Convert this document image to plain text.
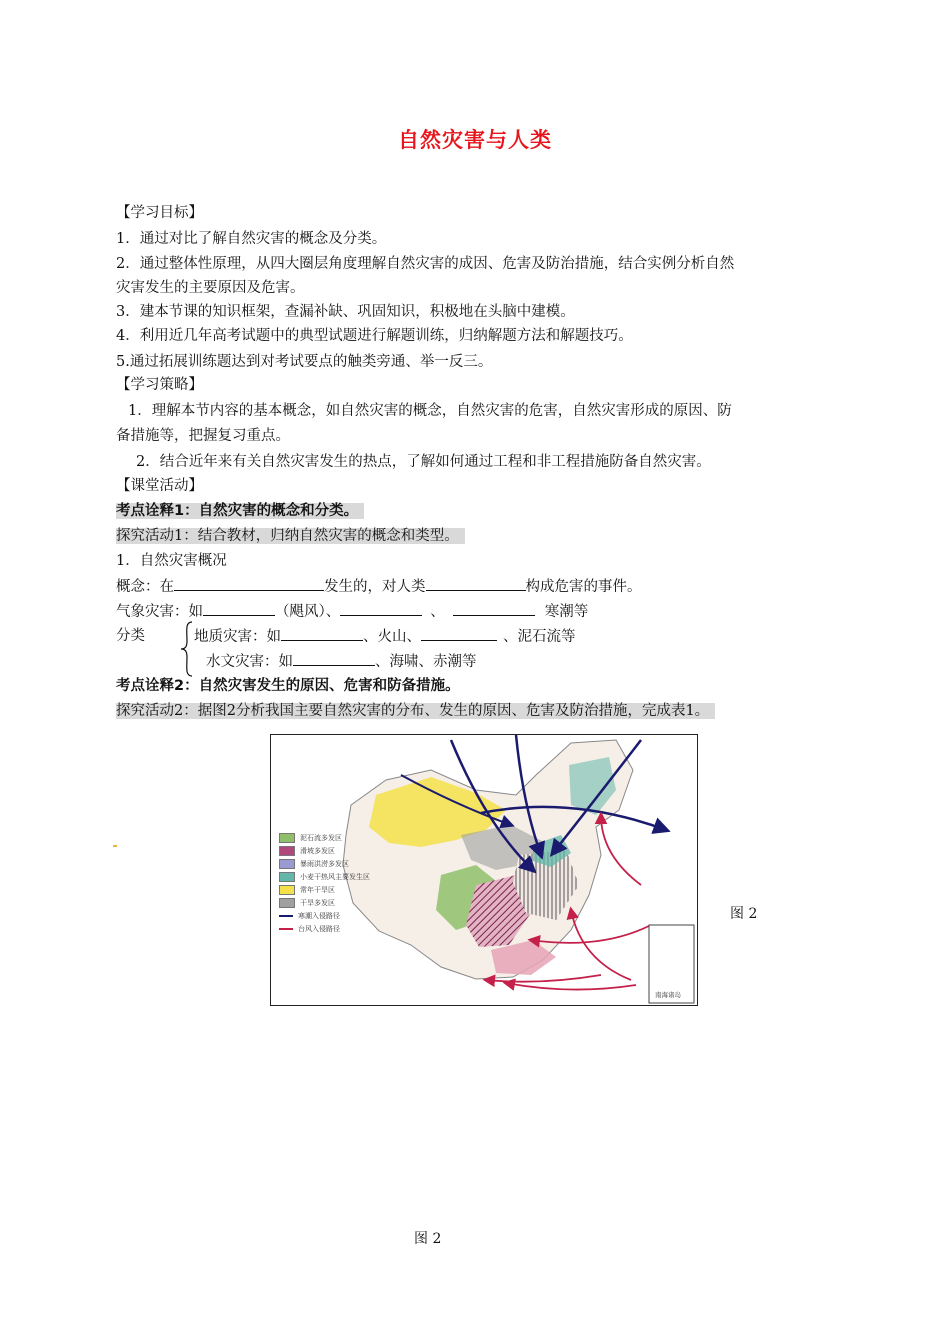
自然灾害与人类
【学习目标】
1．通过对比了解自然灾害的概念及分类。
2．通过整体性原理，从四大圈层角度理解自然灾害的成因、危害及防治措施，结合实例分析自然
灾害发生的主要原因及危害。
3．建本节课的知识框架，查漏补缺、巩固知识，积极地在头脑中建模。
4．利用近几年高考试题中的典型试题进行解题训练，归纳解题方法和解题技巧。
5.通过拓展训练题达到对考试要点的触类旁通、举一反三。
【学习策略】
1．理解本节内容的基本概念，如自然灾害的概念，自然灾害的危害，自然灾害形成的原因、防
备措施等，把握复习重点。
2．结合近年来有关自然灾害发生的热点，了解如何通过工程和非工程措施防备自然灾害。
【课堂活动】
考点诠释1：自然灾害的概念和分类。
探究活动1：结合教材，归纳自然灾害的概念和类型。
1．自然灾害概况
概念：在	发生的，对人类	构成危害的事件。
气象灾害：如	（飓风）、	、	寒潮等
分类	地质灾害：如	、火山、	、泥石流等
水文灾害：如	、海啸、赤潮等
考点诠释2：自然灾害发生的原因、危害和防备措施。
探究活动2：据图2分析我国主要自然灾害的分布、发生的原因、危害及防治措施，完成表1。
泥石流多发区
滑坡多发区
暴雨洪涝多发区
小麦干热风主要发生区
常年干旱区
干旱多发区
寒潮入侵路径
台风入侵路径
南海诸岛
图 2
图 2
